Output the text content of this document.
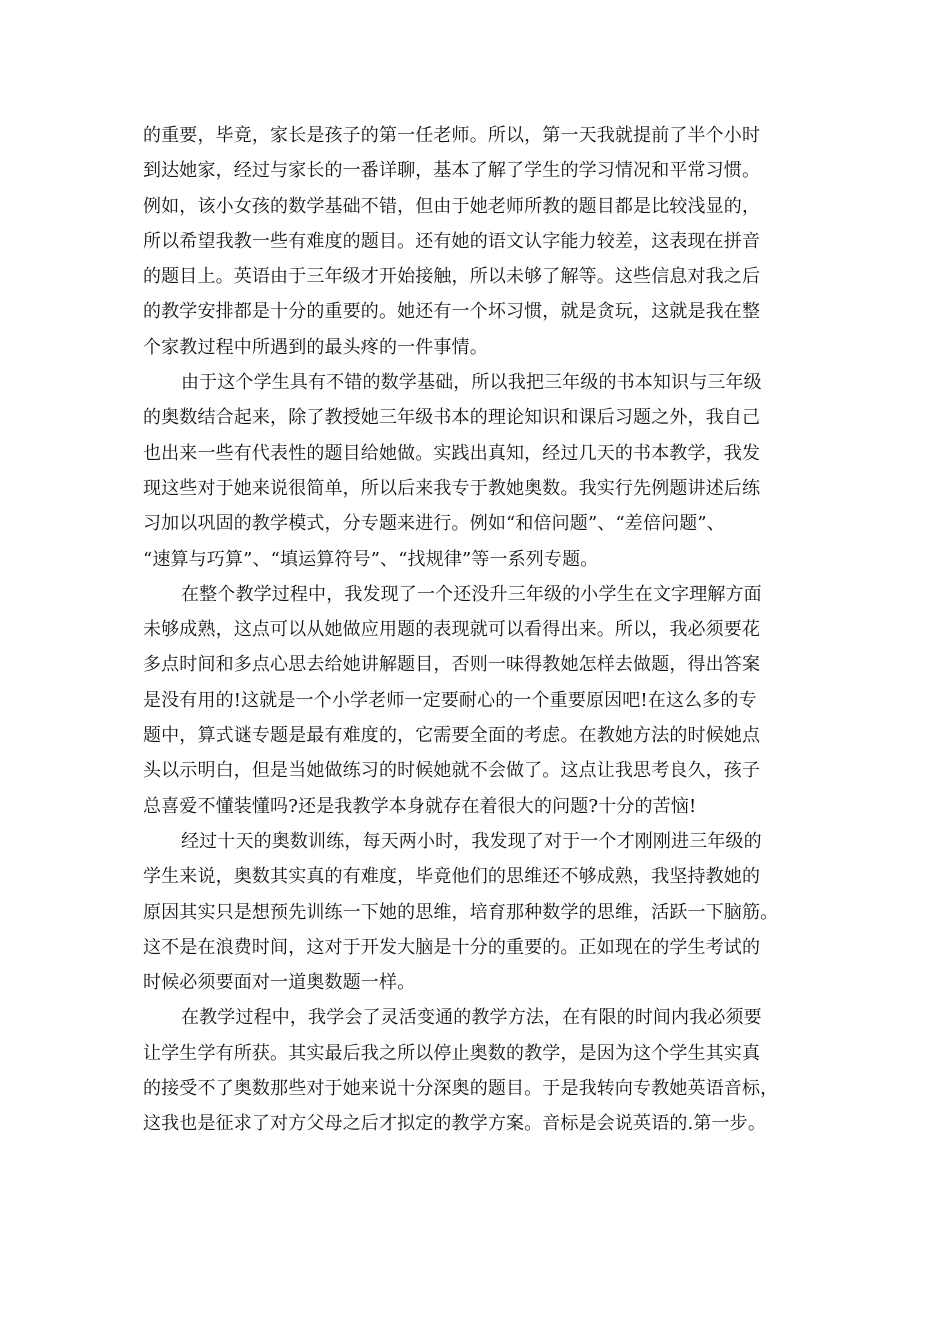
的重要，毕竟，家长是孩子的第一任老师。所以，第一天我就提前了半个小时
到达她家，经过与家长的一番详聊，基本了解了学生的学习情况和平常习惯。
例如，该小女孩的数学基础不错，但由于她老师所教的题目都是比较浅显的，
所以希望我教一些有难度的题目。还有她的语文认字能力较差，这表现在拼音
的题目上。英语由于三年级才开始接触，所以未够了解等。这些信息对我之后
的教学安排都是十分的重要的。她还有一个坏习惯，就是贪玩，这就是我在整
个家教过程中所遇到的最头疼的一件事情。
由于这个学生具有不错的数学基础，所以我把三年级的书本知识与三年级
的奥数结合起来，除了教授她三年级书本的理论知识和课后习题之外，我自己
也出来一些有代表性的题目给她做。实践出真知，经过几天的书本教学，我发
现这些对于她来说很简单，所以后来我专于教她奥数。我实行先例题讲述后练
习加以巩固的教学模式，分专题来进行。例如“和倍问题”、“差倍问题”、
“速算与巧算”、“填运算符号”、“找规律”等一系列专题。
在整个教学过程中，我发现了一个还没升三年级的小学生在文字理解方面
未够成熟，这点可以从她做应用题的表现就可以看得出来。所以，我必须要花
多点时间和多点心思去给她讲解题目，否则一味得教她怎样去做题，得出答案
是没有用的!这就是一个小学老师一定要耐心的一个重要原因吧!在这么多的专
题中，算式谜专题是最有难度的，它需要全面的考虑。在教她方法的时候她点
头以示明白，但是当她做练习的时候她就不会做了。这点让我思考良久，孩子
总喜爱不懂装懂吗?还是我教学本身就存在着很大的问题?十分的苦恼!
经过十天的奥数训练，每天两小时，我发现了对于一个才刚刚进三年级的
学生来说，奥数其实真的有难度，毕竟他们的思维还不够成熟，我坚持教她的
原因其实只是想预先训练一下她的思维，培育那种数学的思维，活跃一下脑筋。
这不是在浪费时间，这对于开发大脑是十分的重要的。正如现在的学生考试的
时候必须要面对一道奥数题一样。
在教学过程中，我学会了灵活变通的教学方法，在有限的时间内我必须要
让学生学有所获。其实最后我之所以停止奥数的教学，是因为这个学生其实真
的接受不了奥数那些对于她来说十分深奥的题目。于是我转向专教她英语音标，
这我也是征求了对方父母之后才拟定的教学方案。音标是会说英语的.第一步。
